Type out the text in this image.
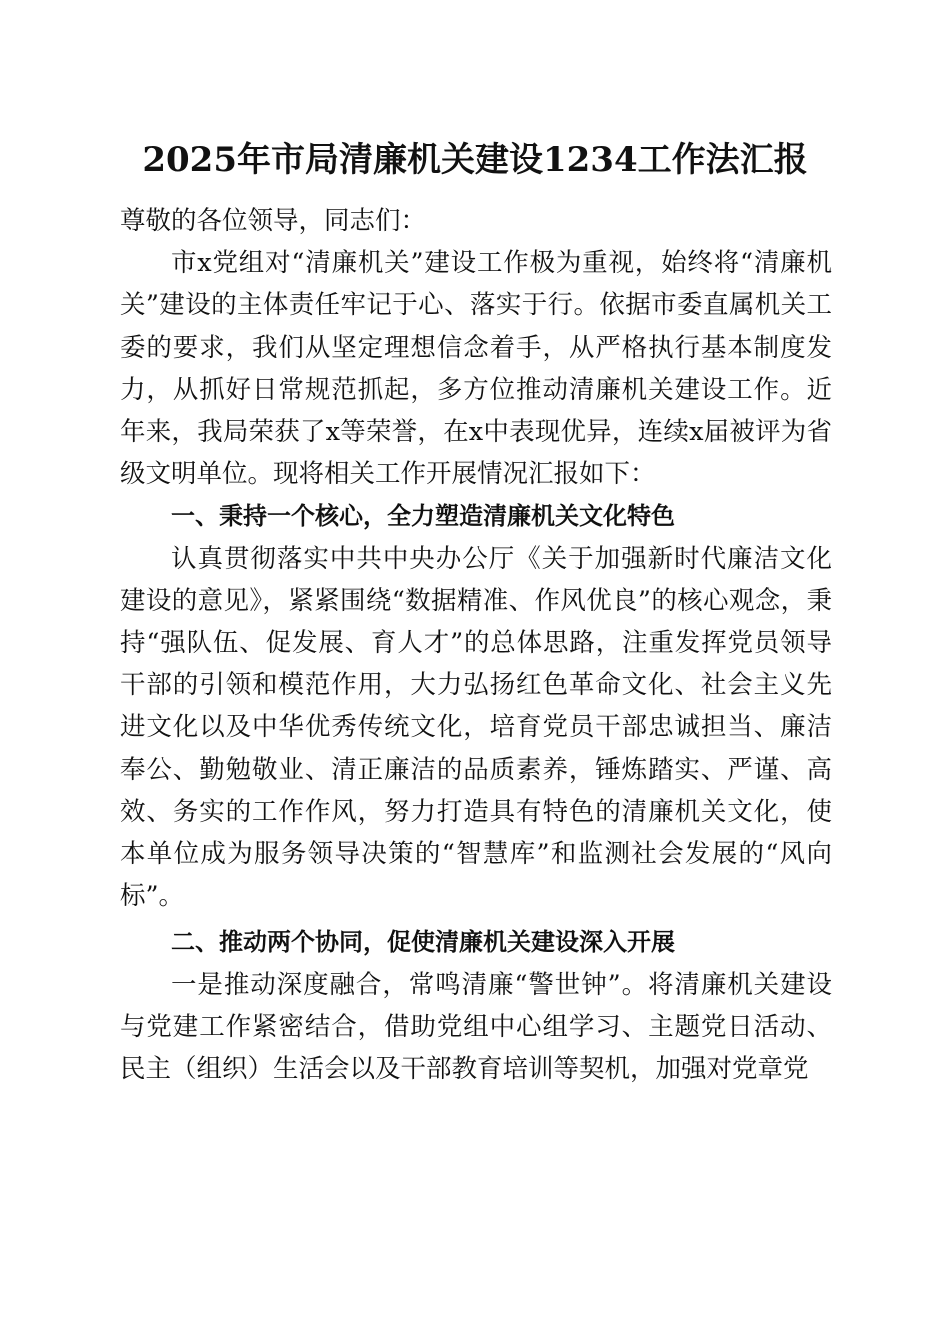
2025年市局清廉机关建设1234工作法汇报

尊敬的各位领导，同志们：

市x党组对“清廉机关”建设工作极为重视，始终将“清廉机关”建设的主体责任牢记于心、落实于行。依据市委直属机关工委的要求，我们从坚定理想信念着手，从严格执行基本制度发力，从抓好日常规范抓起，多方位推动清廉机关建设工作。近年来，我局荣获了x等荣誉，在x中表现优异，连续x届被评为省级文明单位。现将相关工作开展情况汇报如下：

一、秉持一个核心，全力塑造清廉机关文化特色

认真贯彻落实中共中央办公厅《关于加强新时代廉洁文化建设的意见》，紧紧围绕“数据精准、作风优良”的核心观念，秉持“强队伍、促发展、育人才”的总体思路，注重发挥党员领导干部的引领和模范作用，大力弘扬红色革命文化、社会主义先进文化以及中华优秀传统文化，培育党员干部忠诚担当、廉洁奉公、勤勉敬业、清正廉洁的品质素养，锤炼踏实、严谨、高效、务实的工作作风，努力打造具有特色的清廉机关文化，使本单位成为服务领导决策的“智慧库”和监测社会发展的“风向标”。

二、推动两个协同，促使清廉机关建设深入开展

一是推动深度融合，常鸣清廉“警世钟”。将清廉机关建设与党建工作紧密结合，借助党组中心组学习、主题党日活动、民主（组织）生活会以及干部教育培训等契机，加强对党章党
